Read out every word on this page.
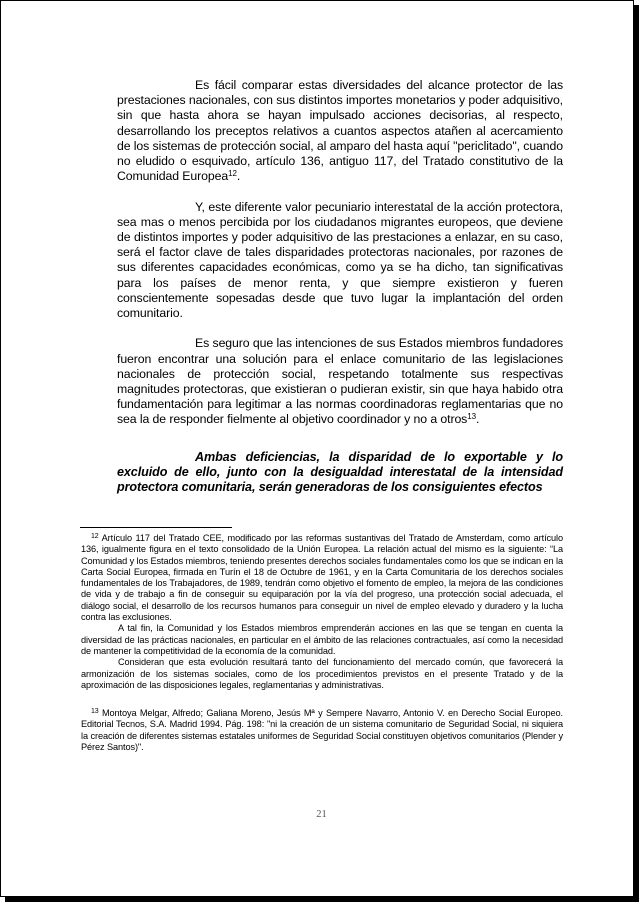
Es fácil comparar estas diversidades del alcance protector de las prestaciones nacionales, con sus distintos importes monetarios y poder adquisitivo, sin que hasta ahora se hayan impulsado acciones decisorias, al respecto, desarrollando los preceptos relativos a cuantos aspectos atañen al acercamiento de los sistemas de protección social, al amparo del hasta aquí "periclitado", cuando no eludido o esquivado, artículo 136, antiguo 117, del Tratado constitutivo de la Comunidad Europea$^{12}$.

Y, este diferente valor pecuniario interestatal de la acción protectora, sea mas o menos percibida por los ciudadanos migrantes europeos, que deviene de distintos importes y poder adquisitivo de las prestaciones a enlazar, en su caso, será el factor clave de tales disparidades protectoras nacionales, por razones de sus diferentes capacidades económicas, como ya se ha dicho, tan significativas para los países de menor renta, y que siempre existieron y fueren conscientemente sopesadas desde que tuvo lugar la implantación del orden comunitario.

Es seguro que las intenciones de sus Estados miembros fundadores fueron encontrar una solución para el enlace comunitario de las legislaciones nacionales de protección social, respetando totalmente sus respectivas magnitudes protectoras, que existieran o pudieran existir, sin que haya habido otra fundamentación para legitimar a las normas coordinadoras reglamentarias que no sea la de responder fielmente al objetivo coordinador y no a otros$^{13}$.

Ambas deficiencias, la disparidad de lo exportable y lo excluido de ello, junto con la desigualdad interestatal de la intensidad protectora comunitaria, serán generadoras de los consiguientes efectos

$^{12}$ Artículo 117 del Tratado CEE, modificado por las reformas sustantivas del Tratado de Amsterdam, como artículo 136, igualmente figura en el texto consolidado de la Unión Europea. La relación actual del mismo es la siguiente: “La Comunidad y los Estados miembros, teniendo presentes derechos sociales fundamentales como los que se indican en la Carta Social Europea, firmada en Turín el 18 de Octubre de 1961, y en la Carta Comunitaria de los derechos sociales fundamentales de los Trabajadores, de 1989, tendrán como objetivo el fomento de empleo, la mejora de las condiciones de vida y de trabajo a fin de conseguir su equiparación por la vía del progreso, una protección social adecuada, el diálogo social, el desarrollo de los recursos humanos para conseguir un nivel de empleo elevado y duradero y la lucha contra las exclusiones.

A tal fin, la Comunidad y los Estados miembros emprenderán acciones en las que se tengan en cuenta la diversidad de las prácticas nacionales, en particular en el ámbito de las relaciones contractuales, así como la necesidad de mantener la competitividad de la economía de la comunidad.

Consideran que esta evolución resultará tanto del funcionamiento del mercado común, que favorecerá la armonización de los sistemas sociales, como de los procedimientos previstos en el presente Tratado y de la aproximación de las disposiciones legales, reglamentarias y administrativas.

$^{13}$ Montoya Melgar, Alfredo; Galiana Moreno, Jesús Mª y Sempere Navarro, Antonio V. en Derecho Social Europeo. Editorial Tecnos, S.A. Madrid 1994. Pág. 198: "ni la creación de un sistema comunitario de Seguridad Social, ni siquiera la creación de diferentes sistemas estatales uniformes de Seguridad Social constituyen objetivos comunitarios (Plender y Pérez Santos)".

21
